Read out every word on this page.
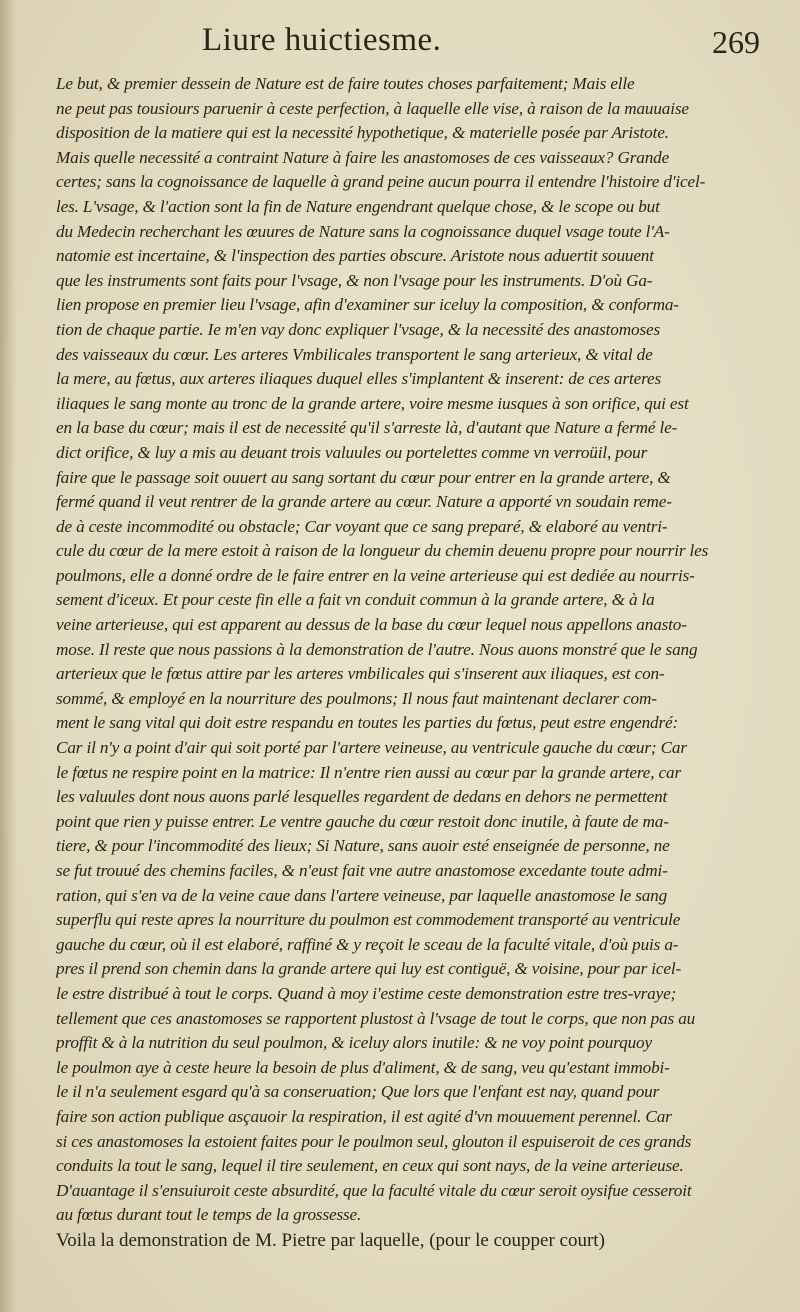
Liure huictiesme.	269
Le but, & premier dessein de Nature est de faire toutes choses parfaitement; Mais elle
ne peut pas tousiours paruenir à ceste perfection, à laquelle elle vise, à raison de la mauuaise
disposition de la matiere qui est la necessité hypothetique, & materielle posée par Aristote.
Mais quelle necessité a contraint Nature à faire les anastomoses de ces vaisseaux? Grande
certes; sans la cognoissance de laquelle à grand peine aucun pourra il entendre l'histoire d'icel-
les. L'vsage, & l'action sont la fin de Nature engendrant quelque chose, & le scope ou but
du Medecin recherchant les œuures de Nature sans la cognoissance duquel vsage toute l'A-
natomie est incertaine, & l'inspection des parties obscure. Aristote nous aduertit souuent
que les instruments sont faits pour l'vsage, & non l'vsage pour les instruments. D'où Ga-
lien propose en premier lieu l'vsage, afin d'examiner sur iceluy la composition, & conforma-
tion de chaque partie. Ie m'en vay donc expliquer l'vsage, & la necessité des anastomoses
des vaisseaux du cœur. Les arteres Vmbilicales transportent le sang arterieux, & vital de
la mere, au fœtus, aux arteres iliaques duquel elles s'implantent & inserent: de ces arteres
iliaques le sang monte au tronc de la grande artere, voire mesme iusques à son orifice, qui est
en la base du cœur; mais il est de necessité qu'il s'arreste là, d'autant que Nature a fermé le-
dict orifice, & luy a mis au deuant trois valuules ou portelettes comme vn verroüil, pour
faire que le passage soit ouuert au sang sortant du cœur pour entrer en la grande artere, &
fermé quand il veut rentrer de la grande artere au cœur. Nature a apporté vn soudain reme-
de à ceste incommodité ou obstacle; Car voyant que ce sang preparé, & elaboré au ventri-
cule du cœur de la mere estoit à raison de la longueur du chemin deuenu propre pour nourrir les
poulmons, elle a donné ordre de le faire entrer en la veine arterieuse qui est dediée au nourris-
sement d'iceux. Et pour ceste fin elle a fait vn conduit commun à la grande artere, & à la
veine arterieuse, qui est apparent au dessus de la base du cœur lequel nous appellons anasto-
mose. Il reste que nous passions à la demonstration de l'autre. Nous auons monstré que le sang
arterieux que le fœtus attire par les arteres vmbilicales qui s'inserent aux iliaques, est con-
sommé, & employé en la nourriture des poulmons; Il nous faut maintenant declarer com-
ment le sang vital qui doit estre respandu en toutes les parties du fœtus, peut estre engendré:
Car il n'y a point d'air qui soit porté par l'artere veineuse, au ventricule gauche du cœur; Car
le fœtus ne respire point en la matrice: Il n'entre rien aussi au cœur par la grande artere, car
les valuules dont nous auons parlé lesquelles regardent de dedans en dehors ne permettent
point que rien y puisse entrer. Le ventre gauche du cœur restoit donc inutile, à faute de ma-
tiere, & pour l'incommodité des lieux; Si Nature, sans auoir esté enseignée de personne, ne
se fut trouué des chemins faciles, & n'eust fait vne autre anastomose excedante toute admi-
ration, qui s'en va de la veine caue dans l'artere veineuse, par laquelle anastomose le sang
superflu qui reste apres la nourriture du poulmon est commodement transporté au ventricule
gauche du cœur, où il est elaboré, raffiné & y reçoit le sceau de la faculté vitale, d'où puis a-
pres il prend son chemin dans la grande artere qui luy est contiguë, & voisine, pour par icel-
le estre distribué à tout le corps. Quand à moy i'estime ceste demonstration estre tres-vraye;
tellement que ces anastomoses se rapportent plustost à l'vsage de tout le corps, que non pas au
proffit & à la nutrition du seul poulmon, & iceluy alors inutile: & ne voy point pourquoy
le poulmon aye à ceste heure la besoin de plus d'aliment, & de sang, veu qu'estant immobi-
le il n'a seulement esgard qu'à sa conseruation; Que lors que l'enfant est nay, quand pour
faire son action publique asçauoir la respiration, il est agité d'vn mouuement perennel. Car
si ces anastomoses la estoient faites pour le poulmon seul, glouton il espuiseroit de ces grands
conduits la tout le sang, lequel il tire seulement, en ceux qui sont nays, de la veine arterieuse.
D'auantage il s'ensuiuroit ceste absurdité, que la faculté vitale du cœur seroit oysifue cesseroit
au fœtus durant tout le temps de la grossesse.
Voila la demonstration de M. Pietre par laquelle, (pour le coupper court)
